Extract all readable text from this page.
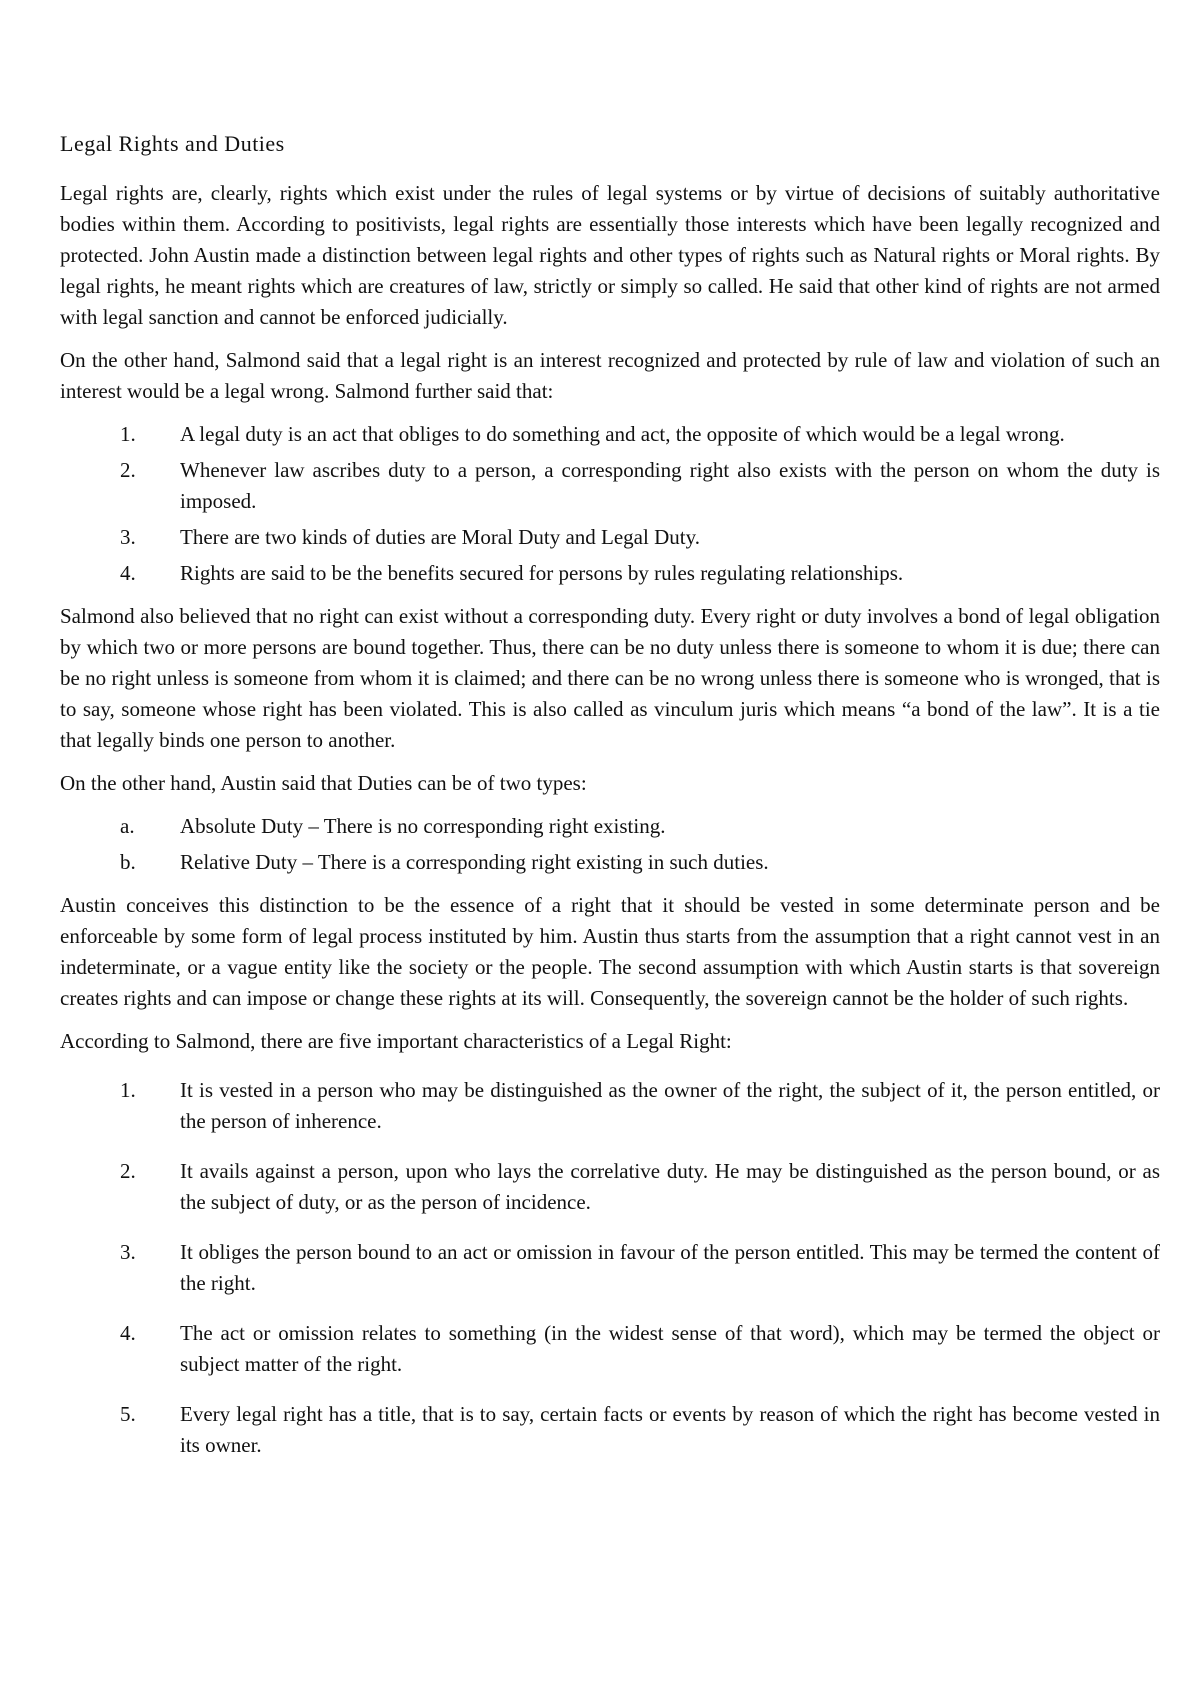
Legal Rights and Duties

Legal rights are, clearly, rights which exist under the rules of legal systems or by virtue of decisions of suitably authoritative bodies within them. According to positivists, legal rights are essentially those interests which have been legally recognized and protected. John Austin made a distinction between legal rights and other types of rights such as Natural rights or Moral rights. By legal rights, he meant rights which are creatures of law, strictly or simply so called. He said that other kind of rights are not armed with legal sanction and cannot be enforced judicially.

On the other hand, Salmond said that a legal right is an interest recognized and protected by rule of law and violation of such an interest would be a legal wrong. Salmond further said that:

1.	A legal duty is an act that obliges to do something and act, the opposite of which would be a legal wrong.
2.	Whenever law ascribes duty to a person, a corresponding right also exists with the person on whom the duty is imposed.
3.	There are two kinds of duties are Moral Duty and Legal Duty.
4.	Rights are said to be the benefits secured for persons by rules regulating relationships.

Salmond also believed that no right can exist without a corresponding duty. Every right or duty involves a bond of legal obligation by which two or more persons are bound together. Thus, there can be no duty unless there is someone to whom it is due; there can be no right unless is someone from whom it is claimed; and there can be no wrong unless there is someone who is wronged, that is to say, someone whose right has been violated. This is also called as vinculum juris which means “a bond of the law”. It is a tie that legally binds one person to another.

On the other hand, Austin said that Duties can be of two types:

a.	Absolute Duty – There is no corresponding right existing.
b.	Relative Duty – There is a corresponding right existing in such duties.

Austin conceives this distinction to be the essence of a right that it should be vested in some determinate person and be enforceable by some form of legal process instituted by him. Austin thus starts from the assumption that a right cannot vest in an indeterminate, or a vague entity like the society or the people. The second assumption with which Austin starts is that sovereign creates rights and can impose or change these rights at its will. Consequently, the sovereign cannot be the holder of such rights.

According to Salmond, there are five important characteristics of a Legal Right:

1.	It is vested in a person who may be distinguished as the owner of the right, the subject of it, the person entitled, or the person of inherence.
2.	It avails against a person, upon who lays the correlative duty. He may be distinguished as the person bound, or as the subject of duty, or as the person of incidence.
3.	It obliges the person bound to an act or omission in favour of the person entitled. This may be termed the content of the right.
4.	The act or omission relates to something (in the widest sense of that word), which may be termed the object or subject matter of the right.
5.	Every legal right has a title, that is to say, certain facts or events by reason of which the right has become vested in its owner.
